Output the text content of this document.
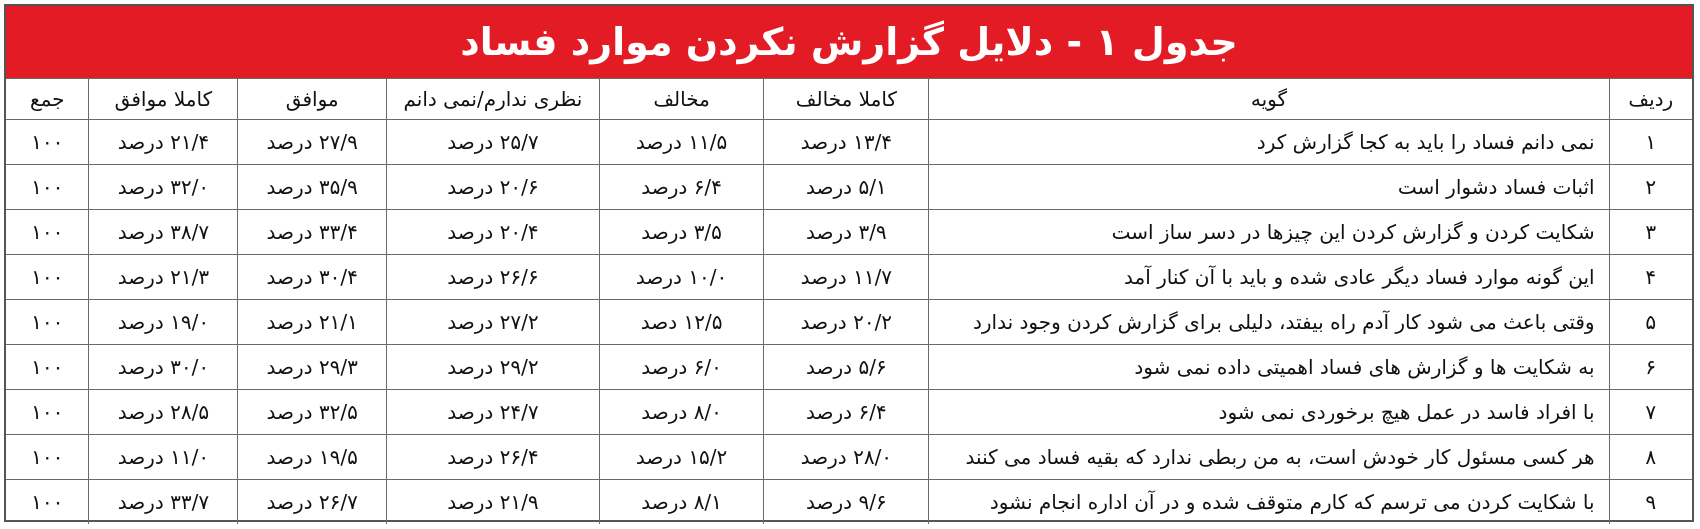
جدول ۱ - دلایل گزارش نکردن موارد فساد
ردیف	گویه	کاملا مخالف	مخالف	نظری ندارم/نمی دانم	موافق	کاملا موافق	جمع
۱	نمی دانم فساد را باید به کجا گزارش کرد	۱۳/۴ درصد	۱۱/۵ درصد	۲۵/۷ درصد	۲۷/۹ درصد	۲۱/۴ درصد	۱۰۰
۲	اثبات فساد دشوار است	۵/۱ درصد	۶/۴ درصد	۲۰/۶ درصد	۳۵/۹ درصد	۳۲/۰ درصد	۱۰۰
۳	شکایت کردن و گزارش کردن این چیزها در دسر ساز است	۳/۹ درصد	۳/۵ درصد	۲۰/۴ درصد	۳۳/۴ درصد	۳۸/۷ درصد	۱۰۰
۴	این گونه موارد فساد دیگر عادی شده و باید با آن کنار آمد	۱۱/۷ درصد	۱۰/۰ درصد	۲۶/۶ درصد	۳۰/۴ درصد	۲۱/۳ درصد	۱۰۰
۵	وقتی باعث می شود کار آدم راه بیفتد، دلیلی برای گزارش کردن وجود ندارد	۲۰/۲ درصد	۱۲/۵ دصد	۲۷/۲ درصد	۲۱/۱ درصد	۱۹/۰ درصد	۱۰۰
۶	به شکایت ها و گزارش های فساد اهمیتی داده نمی شود	۵/۶ درصد	۶/۰ درصد	۲۹/۲ درصد	۲۹/۳ درصد	۳۰/۰ درصد	۱۰۰
۷	با افراد فاسد در عمل هیچ برخوردی نمی شود	۶/۴ درصد	۸/۰ درصد	۲۴/۷ درصد	۳۲/۵ درصد	۲۸/۵ درصد	۱۰۰
۸	هر کسی مسئول کار خودش است، به من ربطی ندارد که بقیه فساد می کنند	۲۸/۰ درصد	۱۵/۲ درصد	۲۶/۴ درصد	۱۹/۵ درصد	۱۱/۰ درصد	۱۰۰
۹	با شکایت کردن می ترسم که کارم متوقف شده و در آن اداره انجام نشود	۹/۶ درصد	۸/۱ درصد	۲۱/۹ درصد	۲۶/۷ درصد	۳۳/۷ درصد	۱۰۰
